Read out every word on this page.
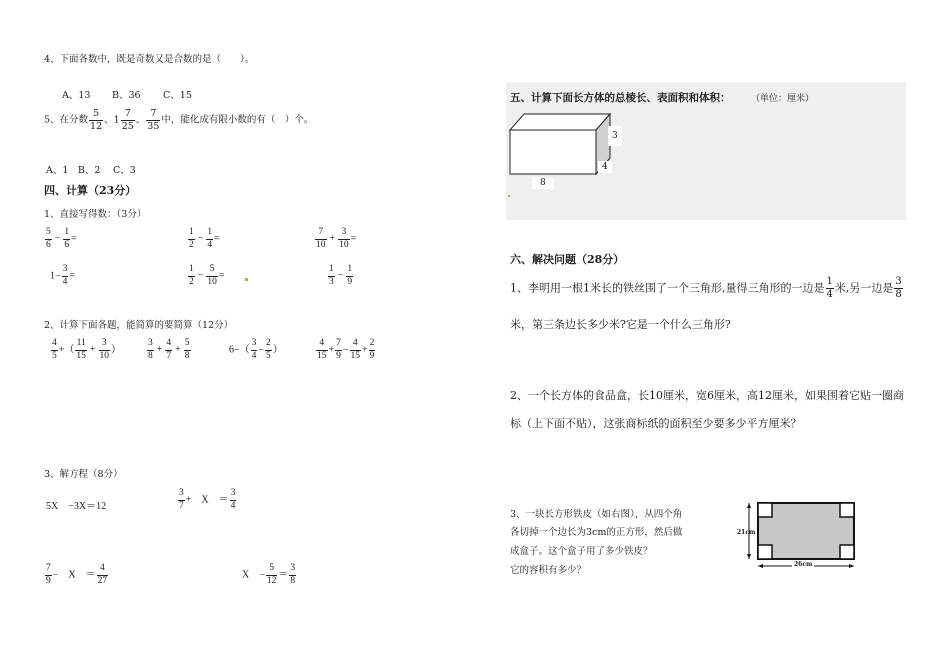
4、下面各数中，既是奇数又是合数的是（　　）。
A、13 B、36 C、15
5、在分数 $\frac{5}{12}$ 、$1 \frac{7}{25}$ 、 $\frac{7}{35}$ 中，能化成有限小数的有（　）个。
A、1　B、2　 C、3
四、计算（23分）
1、直接写得数：（3分）
$\frac{5}{6} - \frac{1}{6}$ =	$\frac{1}{2} - \frac{1}{4}$ =	$\frac{7}{10} + \frac{3}{10}$ =
$1- \frac{3}{4}$ =	$\frac{1}{2} - \frac{5}{10}$ =	$\frac{1}{3} - \frac{1}{9}$
2、计算下面各题，能简算的要简算（12分）
$\frac{4}{5}$ +（ $\frac{11}{15} + \frac{3}{10}$ ）	$\frac{3}{8} + \frac{4}{7} + \frac{5}{8}$	$6-( \frac{3}{4} - \frac{2}{5}$ ）	$\frac{4}{15} + \frac{7}{9} - \frac{4}{15} + \frac{2}{9}$
3、解方程（8分）
5X　−3X＝12	$\frac{3}{7}$ +　X　＝ $\frac{3}{4}$
$\frac{7}{9}$ −　X　＝ $\frac{4}{27}$	X　− $\frac{5}{12} = \frac{3}{8}$
五、计算下面长方体的总棱长、表面积和体积： （单位：厘米）
3
4
8
六、解决问题（28分）
1、李明用一根1米长的铁丝围了一个三角形,量得三角形的一边是 $\frac{1}{4}$ 米,另一边是 $\frac{3}{8}$
米，第三条边长多少米?它是一个什么三角形?
2、一个长方体的食品盒，长10厘米，宽6厘米，高12厘米，如果围着它贴一圈商
标（上下面不贴），这张商标纸的面积至少要多少平方厘米？
3、一块长方形铁皮（如右图），从四个角
各切掉一个边长为3cm的正方形，然后做
成盒子。这个盒子用了多少铁皮？
它的容积有多少？
21cm
26cm
